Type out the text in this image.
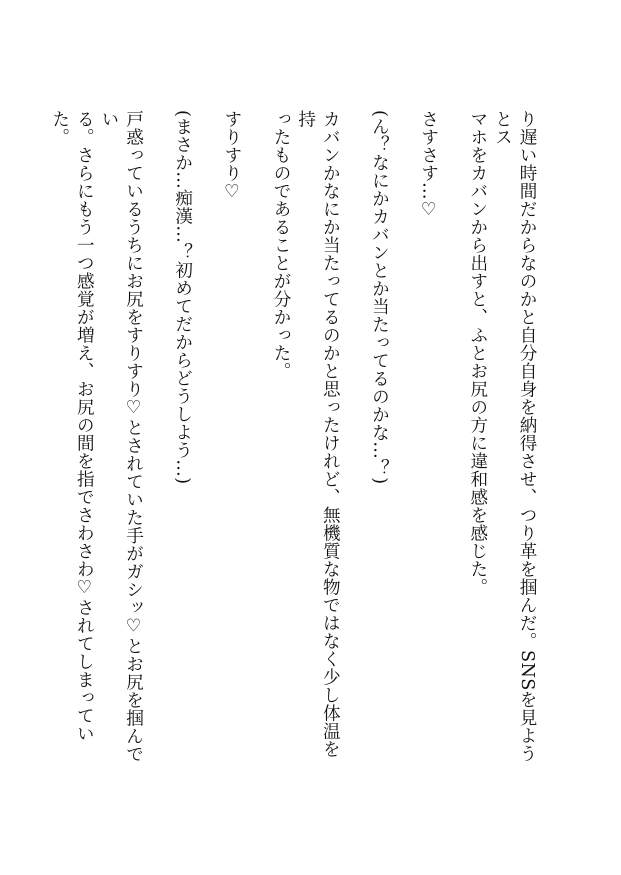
り遅い時間だからなのかと自分自身を納得させ、つり革を掴んだ。SNSを見ようとス
マホをカバンから出すと、ふとお尻の方に違和感を感じた。
さすさす…♡
(ん？なにかカバンとか当たってるのかな…？)
カバンかなにか当たってるのかと思ったけれど、無機質な物ではなく少し体温を持
ったものであることが分かった。
すりすり♡
(まさか…痴漢…？初めてだからどうしよう…)
戸惑っているうちにお尻をすりすり♡とされていた手がガシッ♡とお尻を掴んでい
る。さらにもう一つ感覚が増え、お尻の間を指でさわさわ♡されてしまっていた。
